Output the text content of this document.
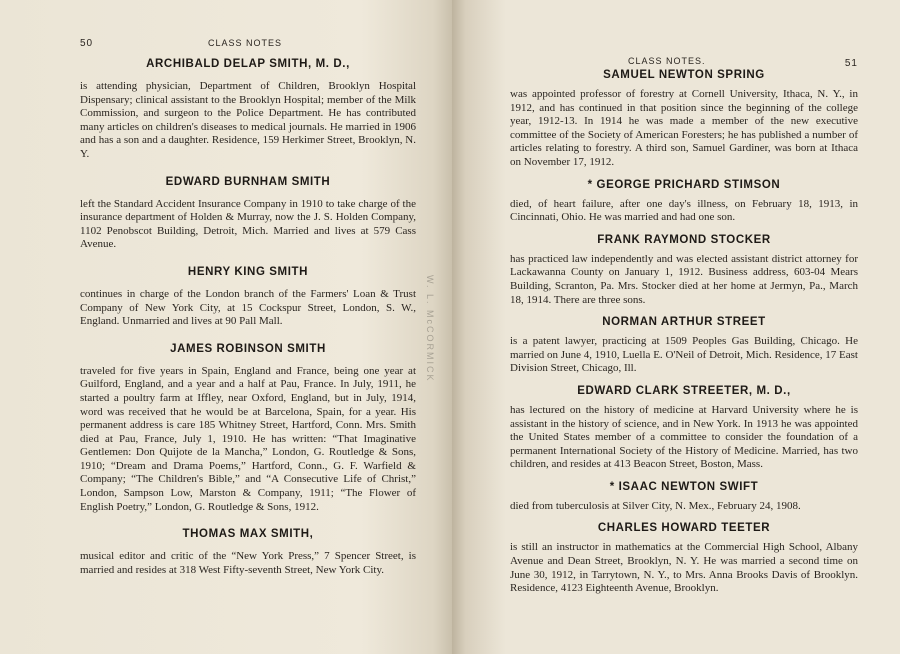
50	CLASS NOTES
ARCHIBALD DELAP SMITH, M. D.,

is attending physician, Department of Children, Brooklyn Hospital Dispensary; clinical assistant to the Brooklyn Hospital; member of the Milk Commission, and surgeon to the Police Department. He has contributed many articles on children's diseases to medical journals. He married in 1906 and has a son and a daughter. Residence, 159 Herkimer Street, Brooklyn, N. Y.

EDWARD BURNHAM SMITH

left the Standard Accident Insurance Company in 1910 to take charge of the insurance department of Holden & Murray, now the J. S. Holden Company, 1102 Penobscot Building, Detroit, Mich. Married and lives at 579 Cass Avenue.

HENRY KING SMITH

continues in charge of the London branch of the Farmers' Loan & Trust Company of New York City, at 15 Cockspur Street, London, S. W., England. Unmarried and lives at 90 Pall Mall.

JAMES ROBINSON SMITH

traveled for five years in Spain, England and France, being one year at Guilford, England, and a year and a half at Pau, France. In July, 1911, he started a poultry farm at Iffley, near Oxford, England, but in July, 1914, word was received that he would be at Barcelona, Spain, for a year. His permanent address is care 185 Whitney Street, Hartford, Conn. Mrs. Smith died at Pau, France, July 1, 1910. He has written: “That Imaginative Gentlemen: Don Quijote de la Mancha,” London, G. Routledge & Sons, 1910; “Dream and Drama Poems,” Hartford, Conn., G. F. Warfield & Company; “The Children's Bible,” and “A Consecutive Life of Christ,” London, Sampson Low, Marston & Company, 1911; “The Flower of English Poetry,” London, G. Routledge & Sons, 1912.

THOMAS MAX SMITH,

musical editor and critic of the “New York Press,” 7 Spencer Street, is married and resides at 318 West Fifty-seventh Street, New York City.

W. L. McCORMICK
CLASS NOTES.	51
SAMUEL NEWTON SPRING

was appointed professor of forestry at Cornell University, Ithaca, N. Y., in 1912, and has continued in that position since the beginning of the college year, 1912-13. In 1914 he was made a member of the new executive committee of the Society of American Foresters; he has published a number of articles relating to forestry. A third son, Samuel Gardiner, was born at Ithaca on November 17, 1912.

* GEORGE PRICHARD STIMSON

died, of heart failure, after one day's illness, on February 18, 1913, in Cincinnati, Ohio. He was married and had one son.

FRANK RAYMOND STOCKER

has practiced law independently and was elected assistant district attorney for Lackawanna County on January 1, 1912. Business address, 603-04 Mears Building, Scranton, Pa. Mrs. Stocker died at her home at Jermyn, Pa., March 18, 1914. There are three sons.

NORMAN ARTHUR STREET

is a patent lawyer, practicing at 1509 Peoples Gas Building, Chicago. He married on June 4, 1910, Luella E. O'Neil of Detroit, Mich. Residence, 17 East Division Street, Chicago, Ill.

EDWARD CLARK STREETER, M. D.,

has lectured on the history of medicine at Harvard University where he is assistant in the history of science, and in New York. In 1913 he was appointed the United States member of a committee to consider the foundation of a permanent International Society of the History of Medicine. Married, has two children, and resides at 413 Beacon Street, Boston, Mass.

* ISAAC NEWTON SWIFT

died from tuberculosis at Silver City, N. Mex., February 24, 1908.

CHARLES HOWARD TEETER

is still an instructor in mathematics at the Commercial High School, Albany Avenue and Dean Street, Brooklyn, N. Y. He was married a second time on June 30, 1912, in Tarrytown, N. Y., to Mrs. Anna Brooks Davis of Brooklyn. Residence, 4123 Eighteenth Avenue, Brooklyn.
